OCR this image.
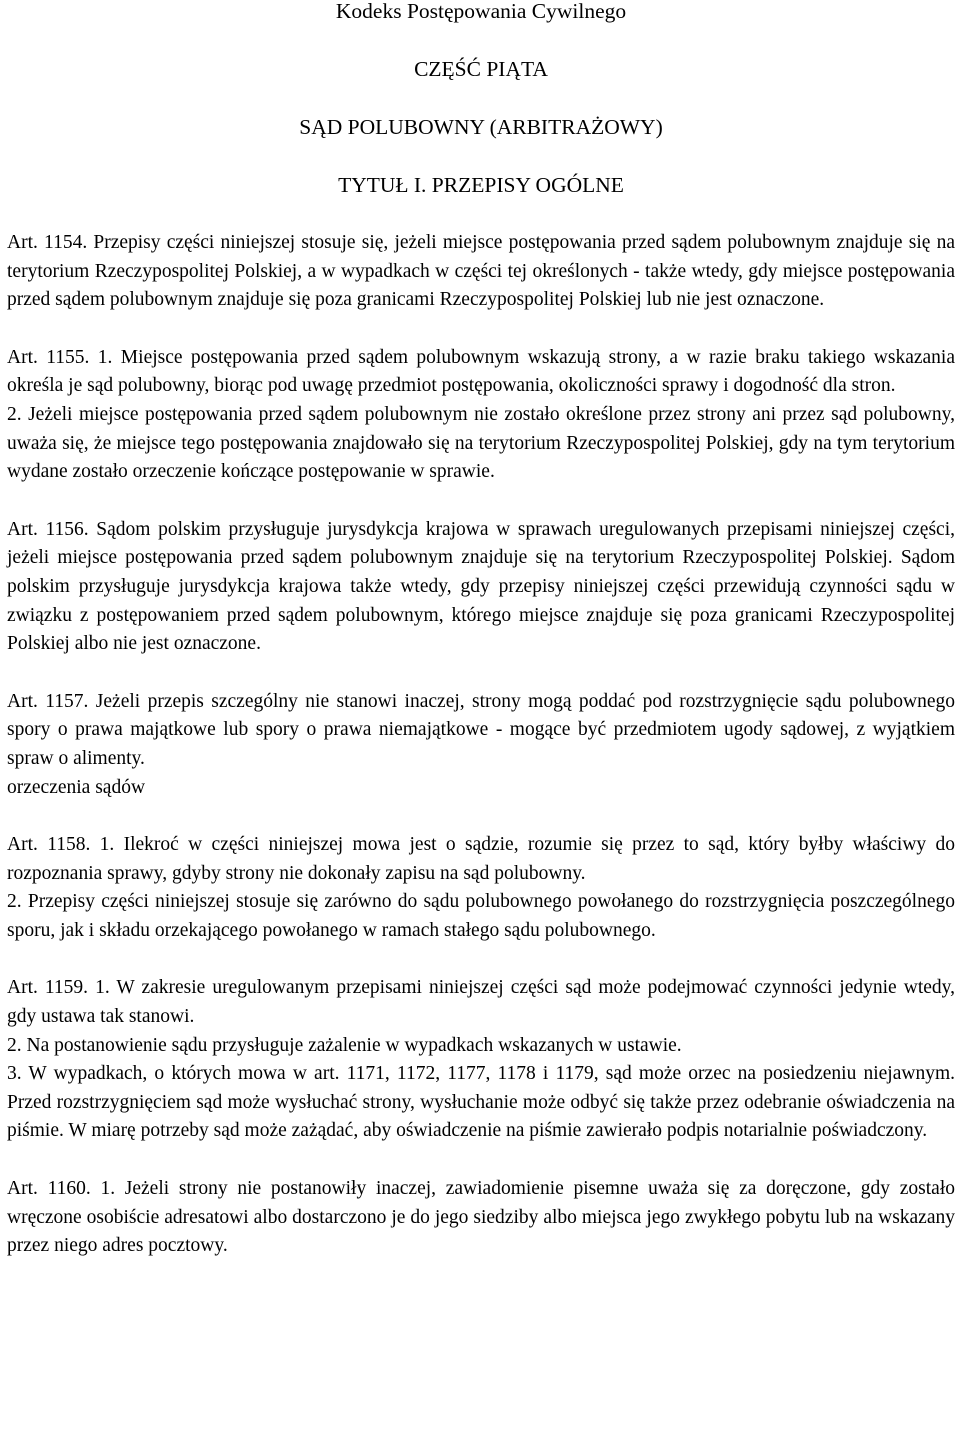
Kodeks Postępowania Cywilnego

CZĘŚĆ PIĄTA

SĄD POLUBOWNY (ARBITRAŻOWY)

TYTUŁ I. PRZEPISY OGÓLNE

Art. 1154. Przepisy części niniejszej stosuje się, jeżeli miejsce postępowania przed sądem polubownym znajduje się na terytorium Rzeczypospolitej Polskiej, a w wypadkach w części tej określonych - także wtedy, gdy miejsce postępowania przed sądem polubownym znajduje się poza granicami Rzeczypospolitej Polskiej lub nie jest oznaczone.

Art. 1155. 1. Miejsce postępowania przed sądem polubownym wskazują strony, a w razie braku takiego wskazania określa je sąd polubowny, biorąc pod uwagę przedmiot postępowania, okoliczności sprawy i dogodność dla stron.

2. Jeżeli miejsce postępowania przed sądem polubownym nie zostało określone przez strony ani przez sąd polubowny, uważa się, że miejsce tego postępowania znajdowało się na terytorium Rzeczypospolitej Polskiej, gdy na tym terytorium wydane zostało orzeczenie kończące postępowanie w sprawie.

Art. 1156. Sądom polskim przysługuje jurysdykcja krajowa w sprawach uregulowanych przepisami niniejszej części, jeżeli miejsce postępowania przed sądem polubownym znajduje się na terytorium Rzeczypospolitej Polskiej. Sądom polskim przysługuje jurysdykcja krajowa także wtedy, gdy przepisy niniejszej części przewidują czynności sądu w związku z postępowaniem przed sądem polubownym, którego miejsce znajduje się poza granicami Rzeczypospolitej Polskiej albo nie jest oznaczone.

Art. 1157. Jeżeli przepis szczególny nie stanowi inaczej, strony mogą poddać pod rozstrzygnięcie sądu polubownego spory o prawa majątkowe lub spory o prawa niemajątkowe - mogące być przedmiotem ugody sądowej, z wyjątkiem spraw o alimenty.

orzeczenia sądów

Art. 1158. 1. Ilekroć w części niniejszej mowa jest o sądzie, rozumie się przez to sąd, który byłby właściwy do rozpoznania sprawy, gdyby strony nie dokonały zapisu na sąd polubowny.

2. Przepisy części niniejszej stosuje się zarówno do sądu polubownego powołanego do rozstrzygnięcia poszczególnego sporu, jak i składu orzekającego powołanego w ramach stałego sądu polubownego.

Art. 1159. 1. W zakresie uregulowanym przepisami niniejszej części sąd może podejmować czynności jedynie wtedy, gdy ustawa tak stanowi.

2. Na postanowienie sądu przysługuje zażalenie w wypadkach wskazanych w ustawie.

3. W wypadkach, o których mowa w art. 1171, 1172, 1177, 1178 i 1179, sąd może orzec na posiedzeniu niejawnym. Przed rozstrzygnięciem sąd może wysłuchać strony, wysłuchanie może odbyć się także przez odebranie oświadczenia na piśmie. W miarę potrzeby sąd może zażądać, aby oświadczenie na piśmie zawierało podpis notarialnie poświadczony.

Art. 1160. 1. Jeżeli strony nie postanowiły inaczej, zawiadomienie pisemne uważa się za doręczone, gdy zostało wręczone osobiście adresatowi albo dostarczono je do jego siedziby albo miejsca jego zwykłego pobytu lub na wskazany przez niego adres pocztowy.
